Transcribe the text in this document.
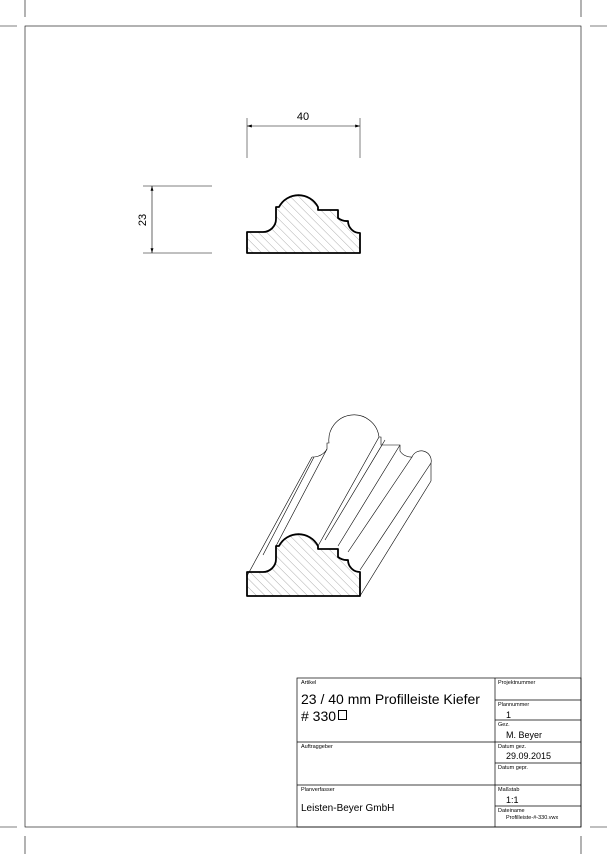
40
23
Artikel
23 / 40 mm Profilleiste Kiefer
# 330
Auftraggeber
Planverfasser
Leisten-Beyer GmbH
Projektnummer
Plannummer
1
Gez.
M. Beyer
Datum gez.
29.09.2015
Datum gepr.
Maßstab
1:1
Dateiname
Profilleiste-#-330.vwx
